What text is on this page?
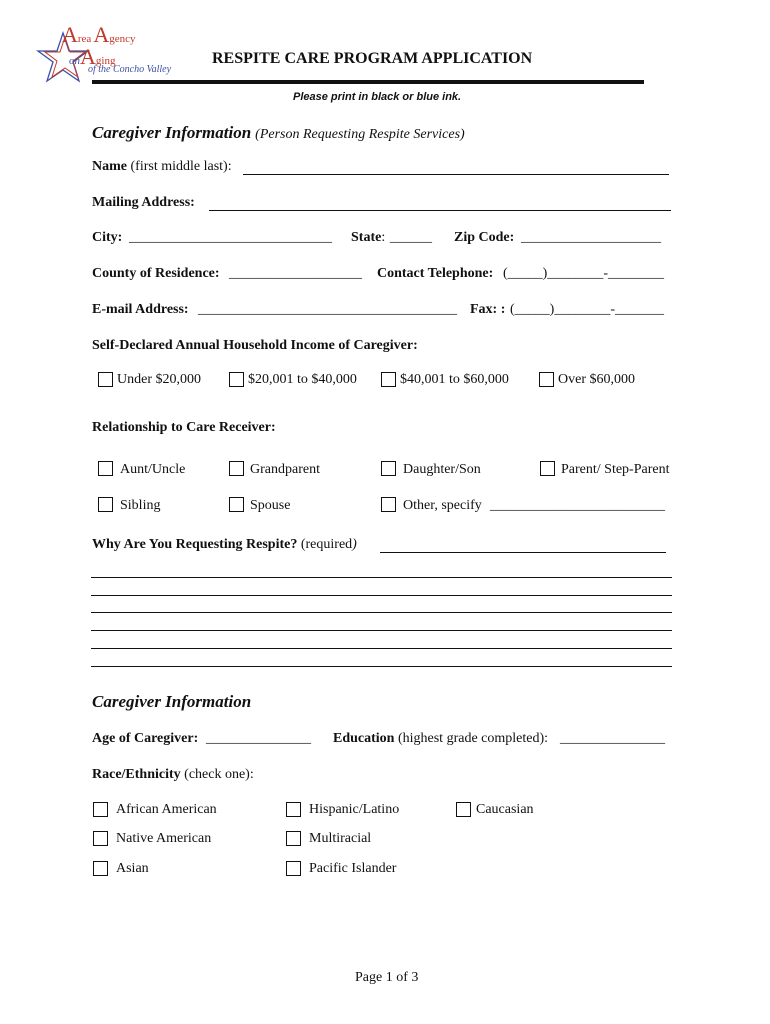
AreaAgency
onAging
of the Concho Valley
RESPITE CARE PROGRAM APPLICATION
Please print in black or blue ink.
Caregiver Information (Person Requesting Respite Services)
Name (first middle last):
Mailing Address:
City: _____________________________ State: ______ Zip Code: ____________________
County of Residence: ___________________ Contact Telephone: (_____)________-________
E-mail Address: _____________________________________ Fax: : (_____)________-_______
Self-Declared Annual Household Income of Caregiver:
Under $20,000	$20,001 to $40,000	$40,001 to $60,000	Over $60,000
Relationship to Care Receiver:
Aunt/Uncle	Grandparent	Daughter/Son	Parent/ Step-Parent
Sibling	Spouse	Other, specify _________________________
Why Are You Requesting Respite? (required)
Caregiver Information
Age of Caregiver: _______________ Education (highest grade completed): _______________
Race/Ethnicity (check one):
African American	Hispanic/Latino	Caucasian
Native American	Multiracial
Asian	Pacific Islander
Page 1 of 3
